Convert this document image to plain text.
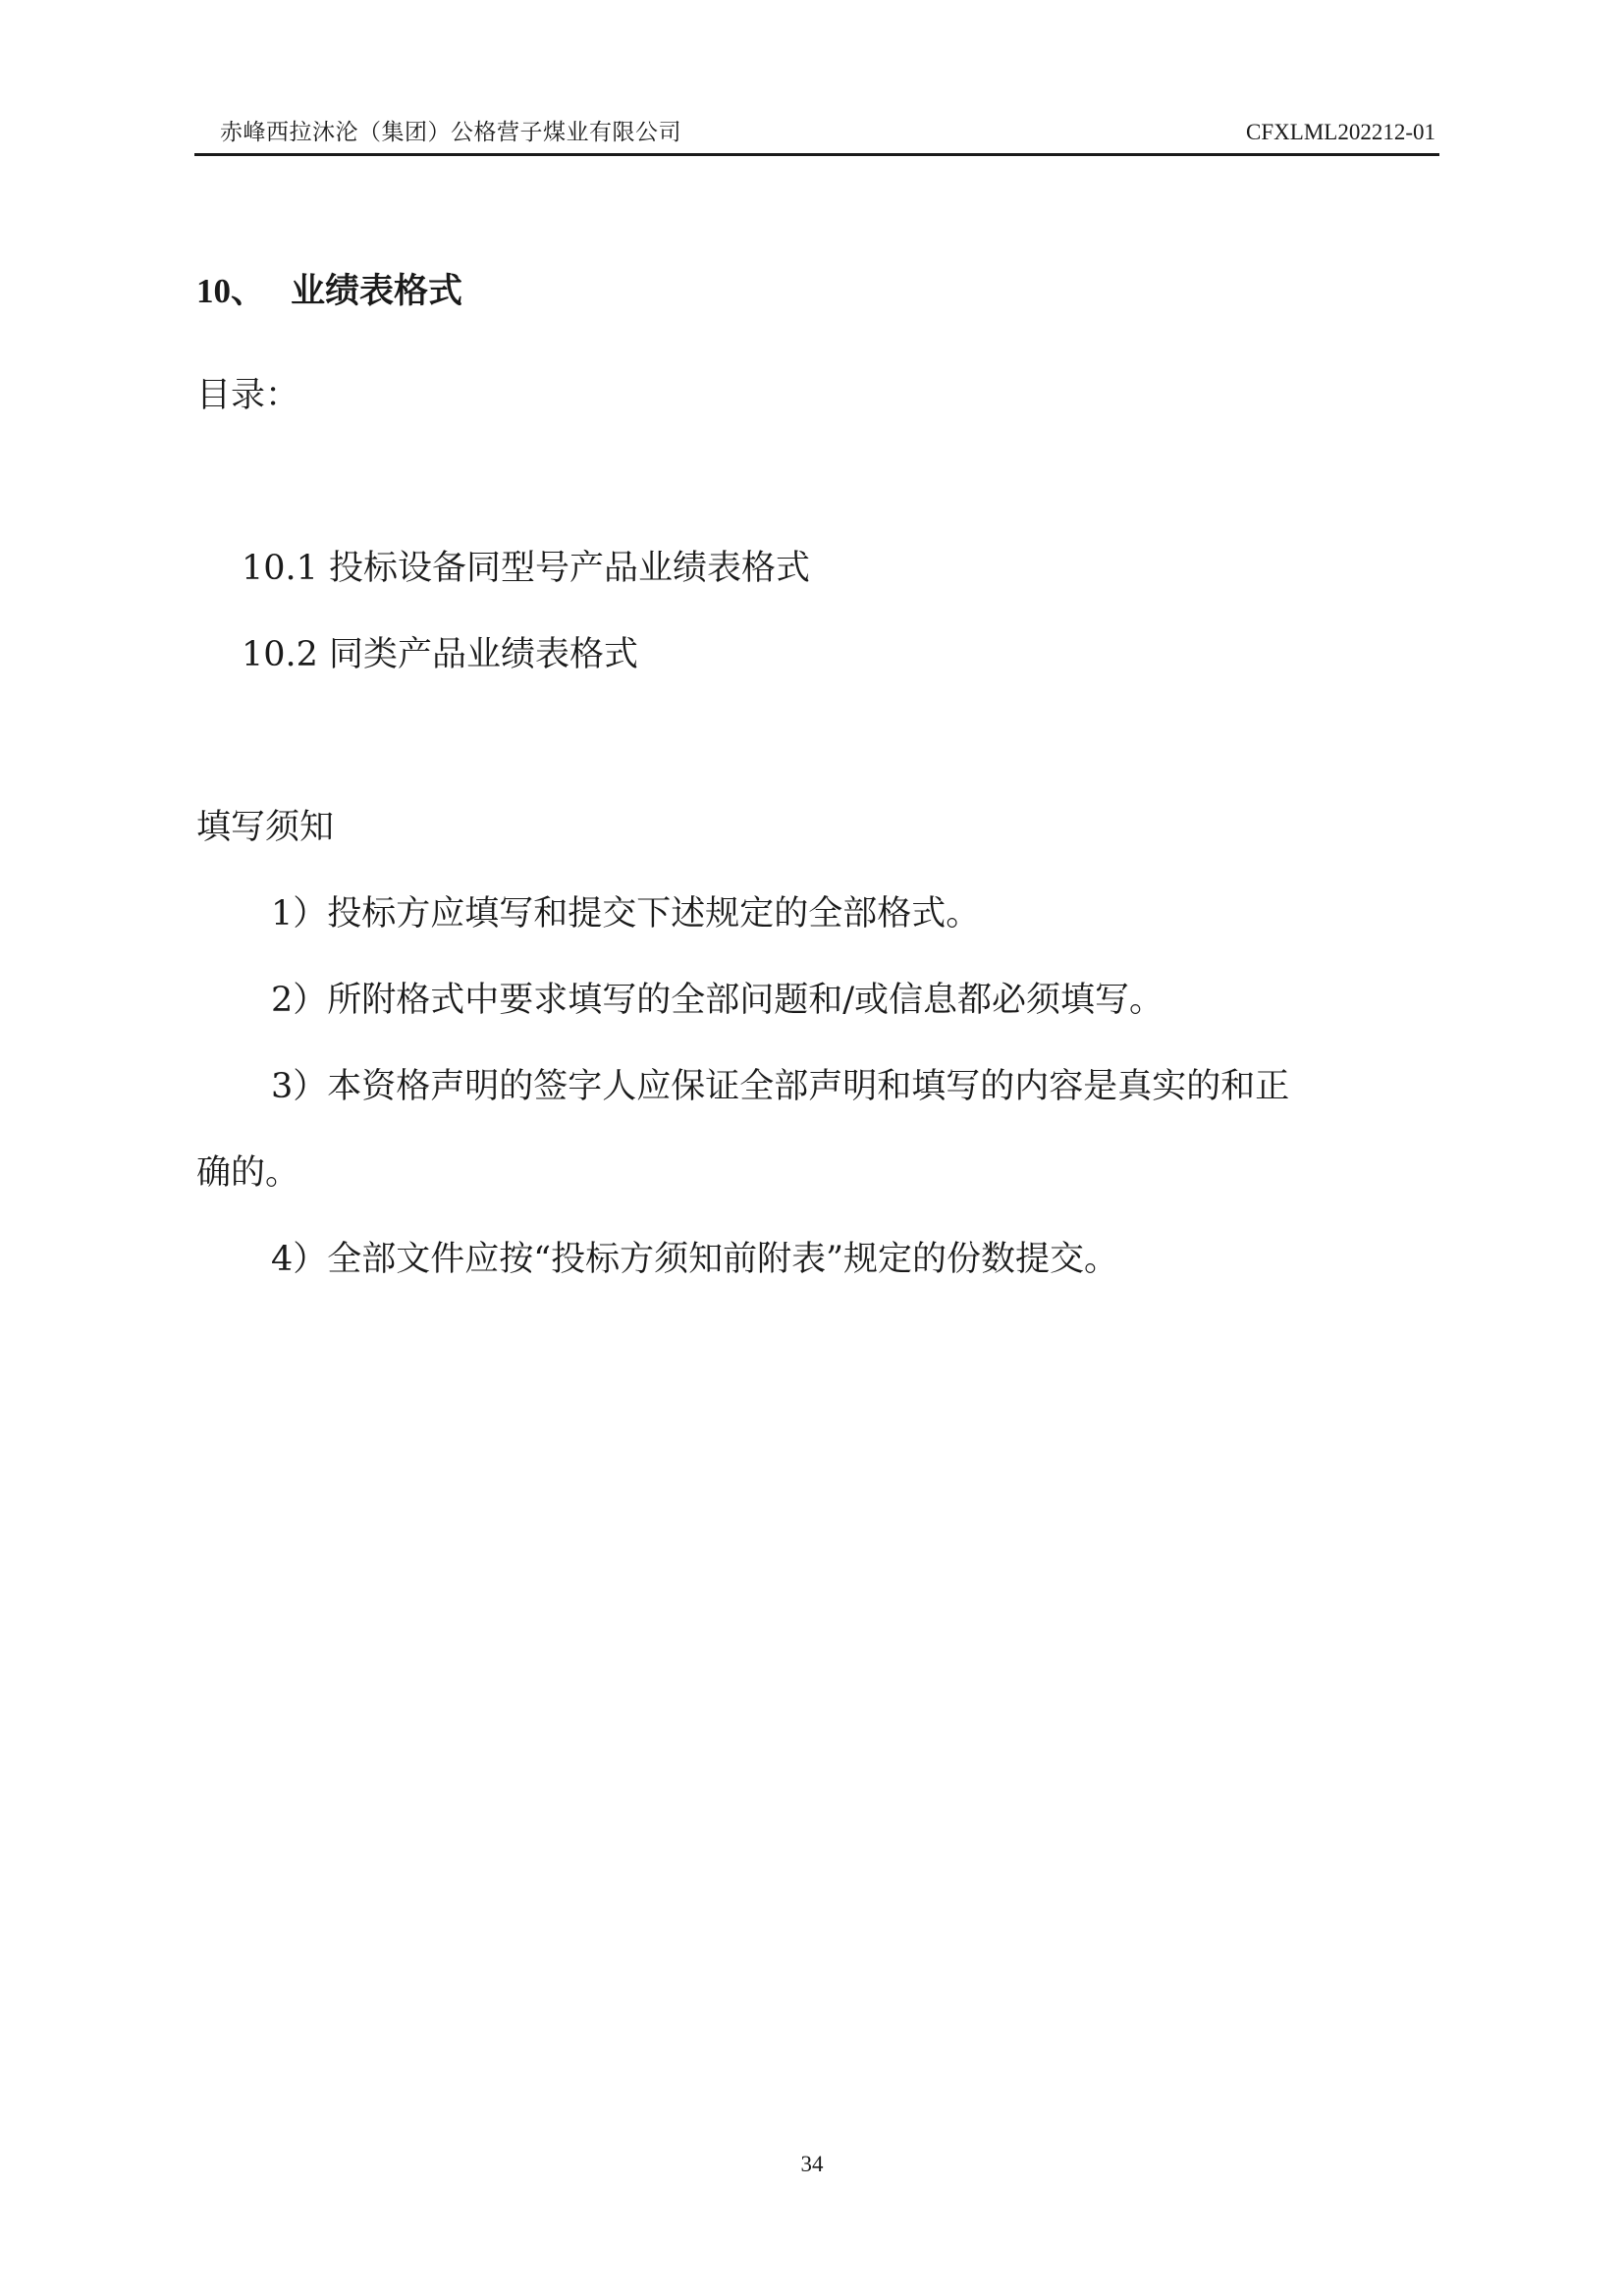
赤峰西拉沐沦（集团）公格营子煤业有限公司	CFXLML202212-01
10、 业绩表格式
目录：
10.1 投标设备同型号产品业绩表格式
10.2 同类产品业绩表格式
填写须知
1）投标方应填写和提交下述规定的全部格式。
2）所附格式中要求填写的全部问题和/或信息都必须填写。
3）本资格声明的签字人应保证全部声明和填写的内容是真实的和正
确的。
4）全部文件应按“投标方须知前附表”规定的份数提交。
34
